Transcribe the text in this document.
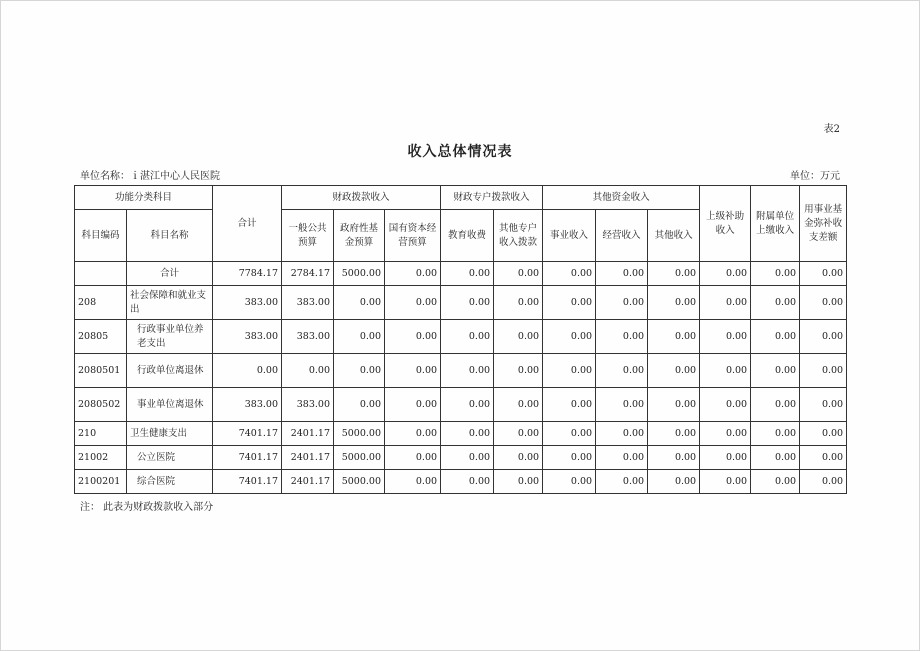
表2
收入总体情况表
单位名称：ｉ湛江中心人民医院	单位：万元
功能分类科目		合计	财政拨款收入			财政专户拨款收入		其他资金收入			上级补助收入	附属单位上缴收入	用事业基金弥补收支差额
科目编码	科目名称		一般公共预算	政府性基金预算	国有资本经营预算	教育收费	其他专户收入拨款	事业收入	经营收入	其他收入			
	合计	7784.17	2784.17	5000.00	0.00	0.00	0.00	0.00	0.00	0.00	0.00	0.00	0.00
208	社会保障和就业支出	383.00	383.00	0.00	0.00	0.00	0.00	0.00	0.00	0.00	0.00	0.00	0.00
20805	行政事业单位养老支出	383.00	383.00	0.00	0.00	0.00	0.00	0.00	0.00	0.00	0.00	0.00	0.00
2080501	行政单位离退休	0.00	0.00	0.00	0.00	0.00	0.00	0.00	0.00	0.00	0.00	0.00	0.00
2080502	事业单位离退休	383.00	383.00	0.00	0.00	0.00	0.00	0.00	0.00	0.00	0.00	0.00	0.00
210	卫生健康支出	7401.17	2401.17	5000.00	0.00	0.00	0.00	0.00	0.00	0.00	0.00	0.00	0.00
21002	公立医院	7401.17	2401.17	5000.00	0.00	0.00	0.00	0.00	0.00	0.00	0.00	0.00	0.00
2100201	综合医院	7401.17	2401.17	5000.00	0.00	0.00	0.00	0.00	0.00	0.00	0.00	0.00	0.00
注： 此表为财政拨款收入部分
